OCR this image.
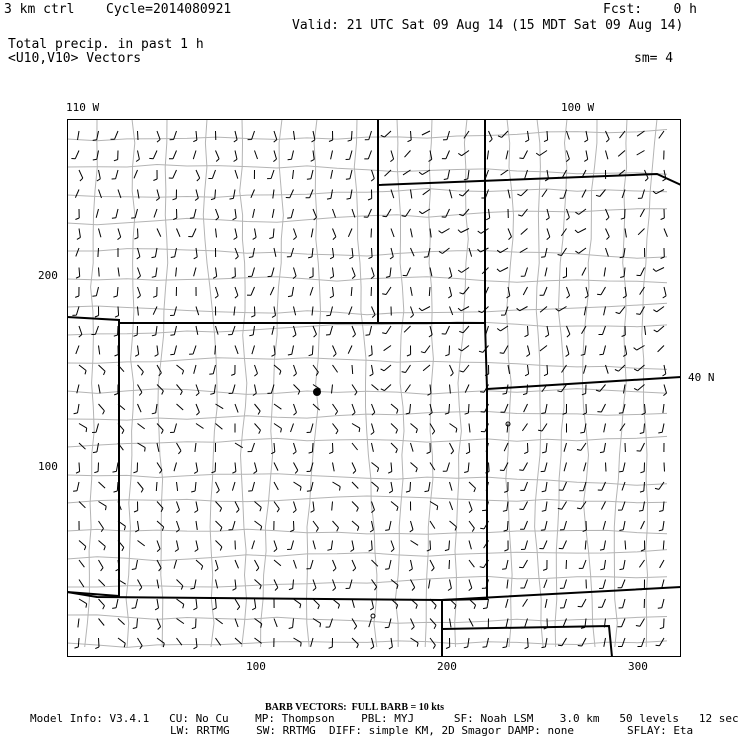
3 km ctrl Cycle=2014080921	Fcst:    0 h
Valid: 21 UTC Sat 09 Aug 14 (15 MDT Sat 09 Aug 14)
Total precip. in past 1 h
<U10,V10> Vectors	sm= 4
110 W	100 W
40 N
200
100
100	200	300
BARB VECTORS:  FULL BARB = 10 kts
Model Info: V3.4.1   CU: No Cu    MP: Thompson    PBL: MYJ      SF: Noah LSM    3.0 km   50 levels   12 sec
LW: RRTMG    SW: RRTMG  DIFF: simple KM, 2D Smagor DAMP: none        SFLAY: Eta
